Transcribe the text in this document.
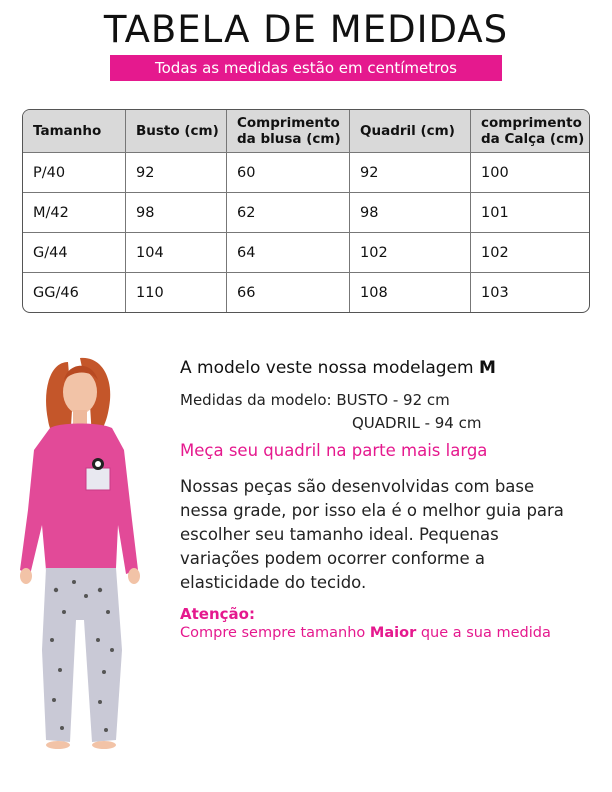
TABELA DE MEDIDAS
Todas as medidas estão em centímetros
Tamanho	Busto (cm)	Comprimento da blusa (cm)	Quadril (cm)	comprimento da Calça (cm)
P/40	92	60	92	100
M/42	98	62	98	101
G/44	104	64	102	102
GG/46	110	66	108	103
A modelo veste nossa modelagem M
Medidas da modelo: BUSTO - 92 cm
QUADRIL - 94 cm
Meça seu quadril na parte mais larga
Nossas peças são desenvolvidas com base nessa grade, por isso ela é o melhor guia para escolher seu tamanho ideal. Pequenas variações podem ocorrer conforme a elasticidade do tecido.
Atenção:
Compre sempre tamanho Maior que a sua medida
